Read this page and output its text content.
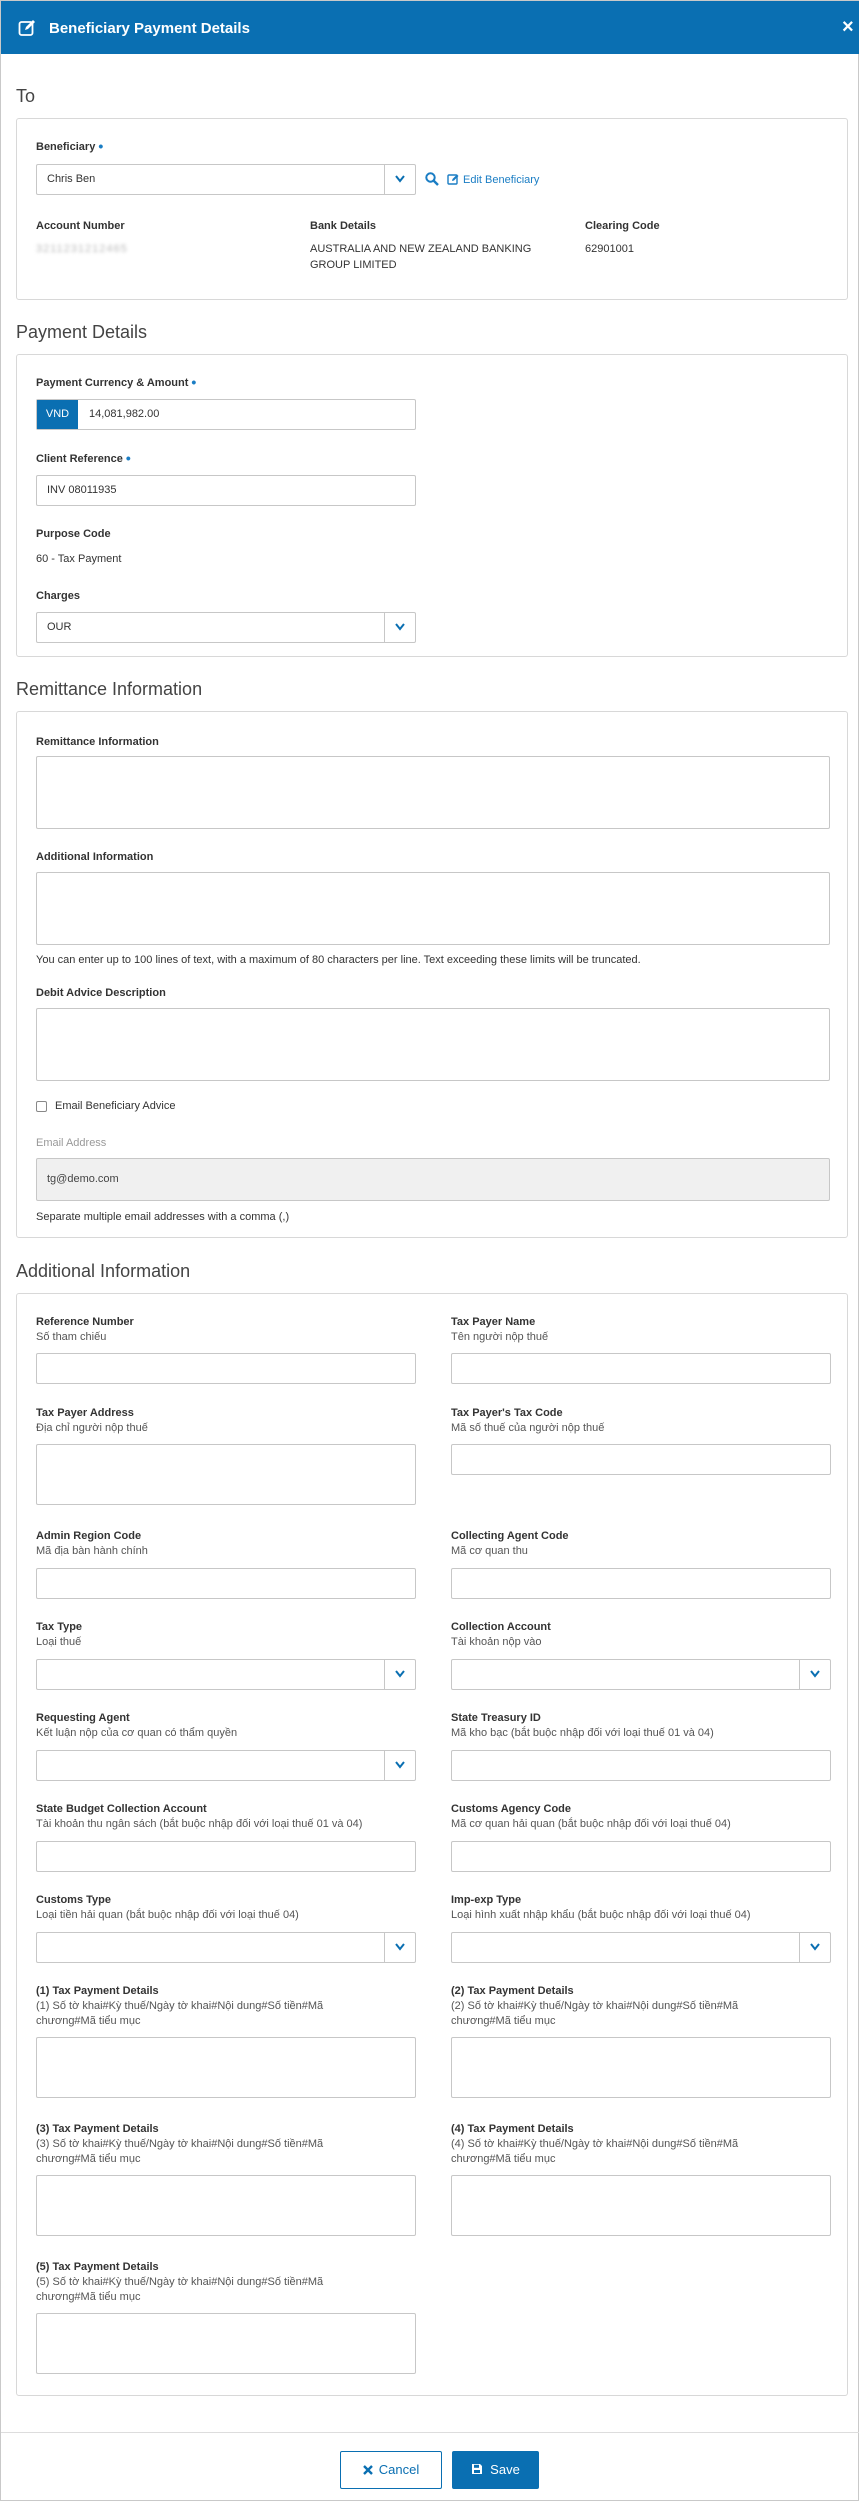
Beneficiary Payment Details	×
To
Beneficiary •
Chris Ben	Edit Beneficiary
Account Number
3211231212465
Bank Details
AUSTRALIA AND NEW ZEALAND BANKING
GROUP LIMITED
Clearing Code
62901001
Payment Details
Payment Currency & Amount •
VND	14,081,982.00
Client Reference •
INV 08011935
Purpose Code
60 - Tax Payment
Charges
OUR
Remittance Information
Remittance Information
Additional Information
You can enter up to 100 lines of text, with a maximum of 80 characters per line. Text exceeding these limits will be truncated.
Debit Advice Description
Email Beneficiary Advice
Email Address
tg@demo.com
Separate multiple email addresses with a comma (,)
Additional Information
Reference Number
Số tham chiếu
Tax Payer Name
Tên người nộp thuế
Tax Payer Address
Địa chỉ người nộp thuế
Tax Payer's Tax Code
Mã số thuế của người nộp thuế
Admin Region Code
Mã địa bàn hành chính
Collecting Agent Code
Mã cơ quan thu
Tax Type
Loại thuế
Collection Account
Tài khoản nộp vào
Requesting Agent
Kết luận nộp của cơ quan có thẩm quyền
State Treasury ID
Mã kho bạc (bắt buộc nhập đối với loại thuế 01 và 04)
State Budget Collection Account
Tài khoản thu ngân sách (bắt buộc nhập đối với loại thuế 01 và 04)
Customs Agency Code
Mã cơ quan hải quan (bắt buộc nhập đối với loại thuế 04)
Customs Type
Loại tiền hải quan (bắt buộc nhập đối với loại thuế 04)
Imp-exp Type
Loại hình xuất nhập khẩu (bắt buộc nhập đối với loại thuế 04)
(1) Tax Payment Details
(1) Số tờ khai#Kỳ thuế/Ngày tờ khai#Nội dung#Số tiền#Mã
chương#Mã tiểu mục
(2) Tax Payment Details
(2) Số tờ khai#Kỳ thuế/Ngày tờ khai#Nội dung#Số tiền#Mã
chương#Mã tiểu mục
(3) Tax Payment Details
(3) Số tờ khai#Kỳ thuế/Ngày tờ khai#Nội dung#Số tiền#Mã
chương#Mã tiểu mục
(4) Tax Payment Details
(4) Số tờ khai#Kỳ thuế/Ngày tờ khai#Nội dung#Số tiền#Mã
chương#Mã tiểu mục
(5) Tax Payment Details
(5) Số tờ khai#Kỳ thuế/Ngày tờ khai#Nội dung#Số tiền#Mã
chương#Mã tiểu mục
Cancel	Save
